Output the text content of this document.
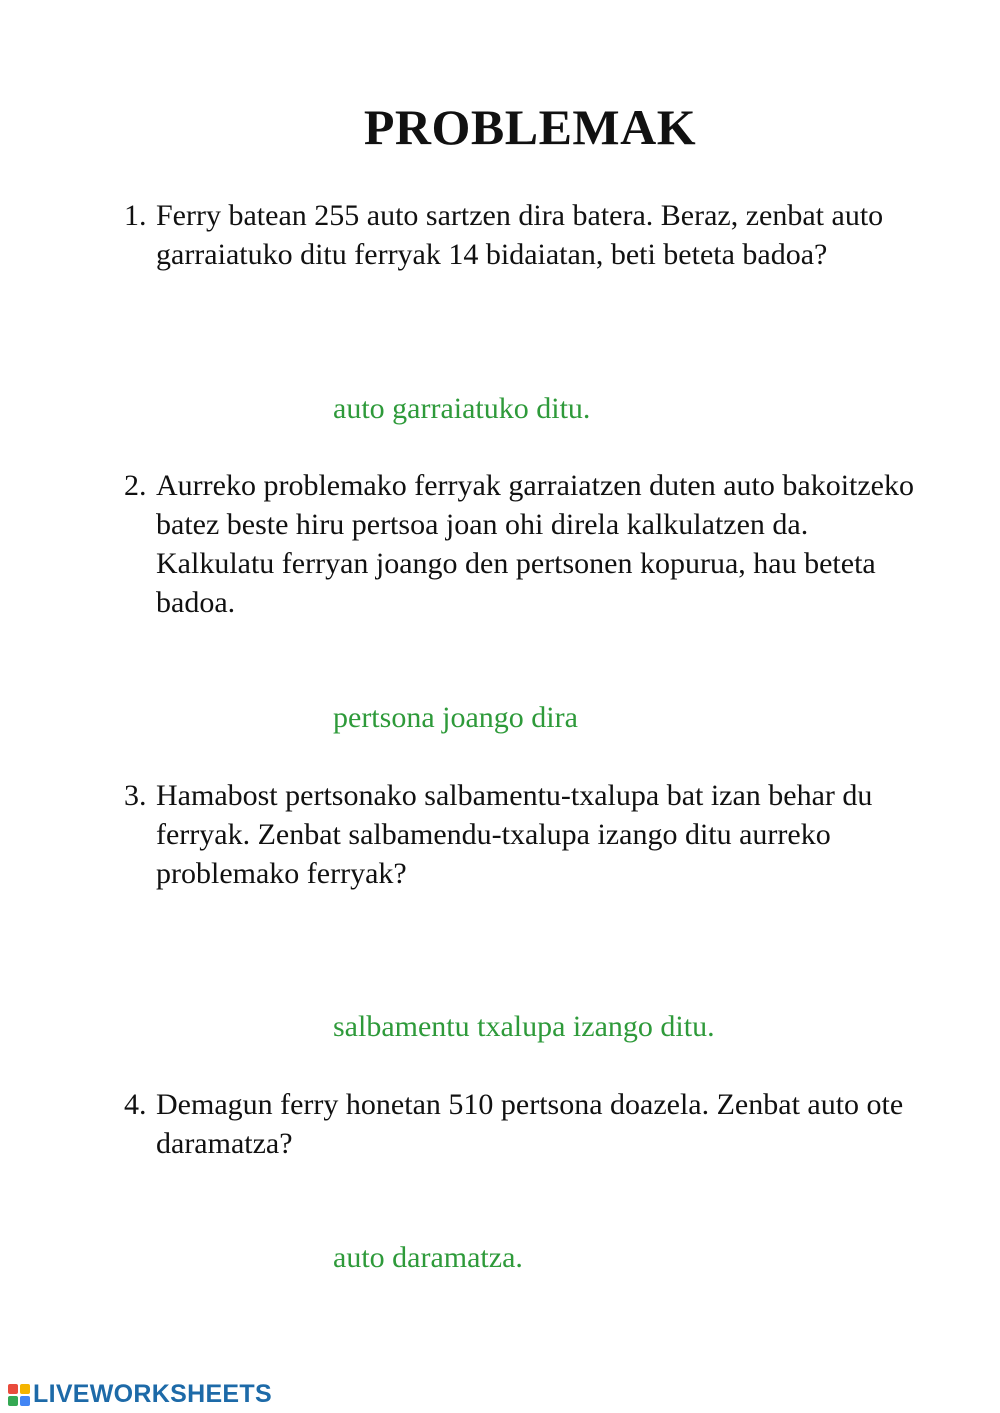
PROBLEMAK
1. Ferry batean 255 auto sartzen dira batera. Beraz, zenbat auto garraiatuko ditu ferryak 14 bidaiatan, beti beteta badoa?
auto garraiatuko ditu.
2. Aurreko problemako ferryak garraiatzen duten auto bakoitzeko batez beste hiru pertsoa joan ohi direla kalkulatzen da. Kalkulatu ferryan joango den pertsonen kopurua, hau beteta badoa.
pertsona joango dira
3. Hamabost pertsonako salbamentu-txalupa bat izan behar du ferryak. Zenbat salbamendu-txalupa izango ditu aurreko problemako ferryak?
salbamentu txalupa izango ditu.
4. Demagun ferry honetan 510 pertsona doazela. Zenbat auto ote daramatza?
auto daramatza.
LIVEWORKSHEETS
